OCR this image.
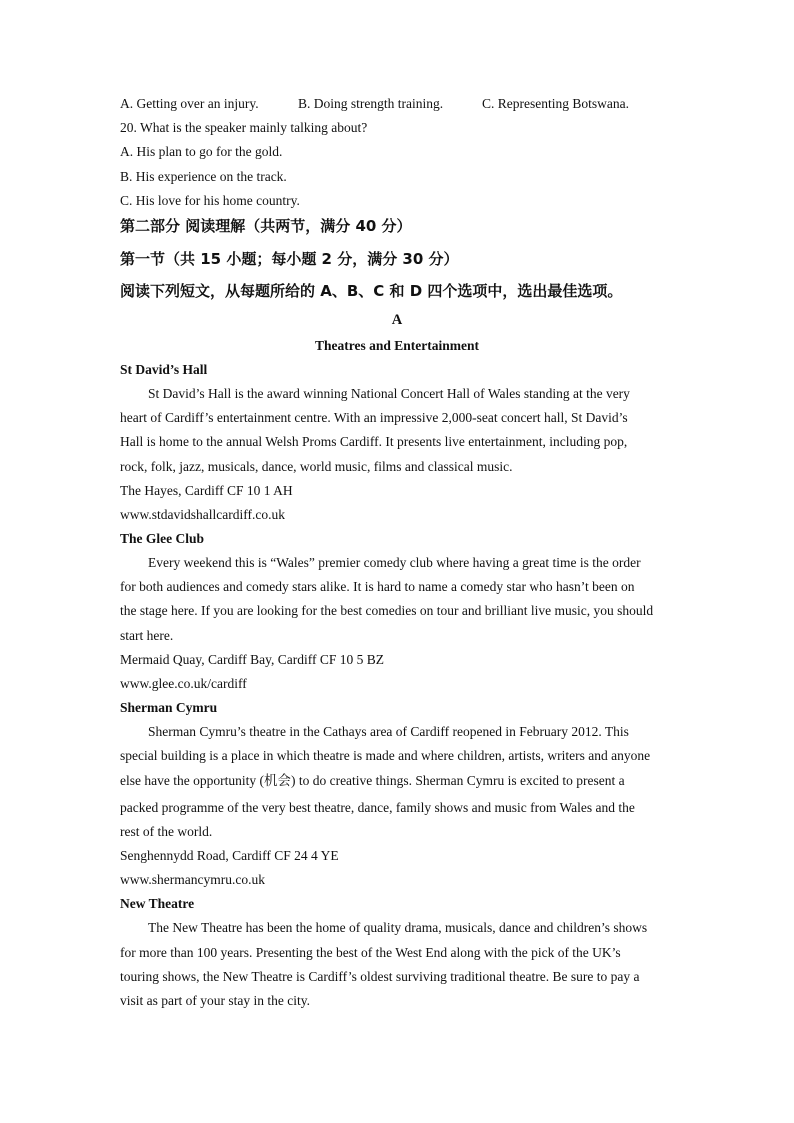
A. Getting over an injury.	B. Doing strength training.	C. Representing Botswana.
20. What is the speaker mainly talking about?
A. His plan to go for the gold.
B. His experience on the track.
C. His love for his home country.
第二部分 阅读理解（共两节，满分 40 分）
第一节（共 15 小题；每小题 2 分，满分 30 分）
阅读下列短文，从每题所给的 A、B、C 和 D 四个选项中，选出最佳选项。
A
Theatres and Entertainment
St David’s Hall
St David’s Hall is the award winning National Concert Hall of Wales standing at the very
heart of Cardiff’s entertainment centre. With an impressive 2,000-seat concert hall, St David’s
Hall is home to the annual Welsh Proms Cardiff. It presents live entertainment, including pop,
rock, folk, jazz, musicals, dance, world music, films and classical music.
The Hayes, Cardiff CF 10 1 AH
www.stdavidshallcardiff.co.uk
The Glee Club
Every weekend this is “Wales” premier comedy club where having a great time is the order
for both audiences and comedy stars alike. It is hard to name a comedy star who hasn’t been on
the stage here. If you are looking for the best comedies on tour and brilliant live music, you should
start here.
Mermaid Quay, Cardiff Bay, Cardiff CF 10 5 BZ
www.glee.co.uk/cardiff
Sherman Cymru
Sherman Cymru’s theatre in the Cathays area of Cardiff reopened in February 2012. This
special building is a place in which theatre is made and where children, artists, writers and anyone
else have the opportunity (机会) to do creative things. Sherman Cymru is excited to present a
packed programme of the very best theatre, dance, family shows and music from Wales and the
rest of the world.
Senghennydd Road, Cardiff CF 24 4 YE
www.shermancymru.co.uk
New Theatre
The New Theatre has been the home of quality drama, musicals, dance and children’s shows
for more than 100 years. Presenting the best of the West End along with the pick of the UK’s
touring shows, the New Theatre is Cardiff’s oldest surviving traditional theatre. Be sure to pay a
visit as part of your stay in the city.
